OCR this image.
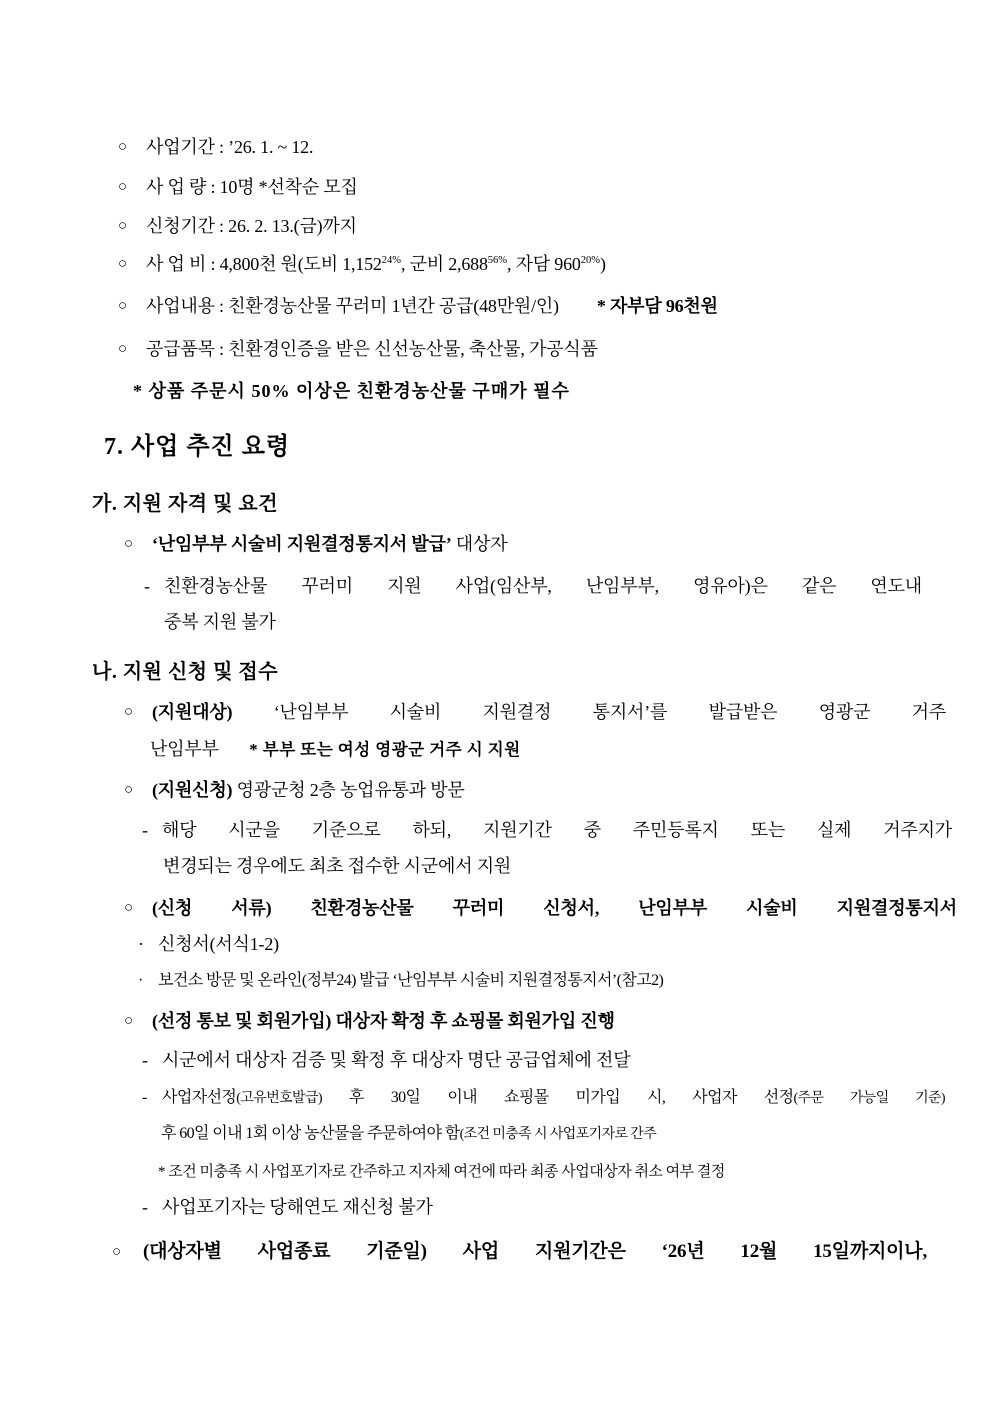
○	사업기간 : ’26. 1. ~ 12.
○	사 업 량 : 10명 *선착순 모집
○	신청기간 : 26. 2. 13.(금)까지
○	사 업 비 : 4,800천 원(도비 $1,152^{24\%}$, 군비 $2,688^{56\%}$, 자담 $960^{20\%}$)
○	사업내용 : 친환경농산물 꾸러미 1년간 공급(48만원/인) * 자부담 96천원
○	공급품목 : 친환경인증을 받은 신선농산물, 축산물, 가공식품
* 상품 주문시 50% 이상은 친환경농산물 구매가 필수
7. 사업 추진 요령
가. 지원 자격 및 요건
○	‘난임부부 시술비 지원결정통지서 발급’ 대상자
- 친환경농산물 꾸러미 지원 사업(임산부, 난임부부, 영유아)은 같은 연도내
중복 지원 불가
나. 지원 신청 및 접수
○	(지원대상) ‘난임부부 시술비 지원결정 통지서’를 발급받은 영광군 거주
난임부부 * 부부 또는 여성 영광군 거주 시 지원
○	(지원신청) 영광군청 2층 농업유통과 방문
- 해당 시군을 기준으로 하되, 지원기간 중 주민등록지 또는 실제 거주지가
변경되는 경우에도 최초 접수한 시군에서 지원
○	(신청 서류) 친환경농산물 꾸러미 신청서, 난임부부 시술비 지원결정통지서
· 신청서(서식1-2)
· 보건소 방문 및 온라인(정부24) 발급 ‘난임부부 시술비 지원결정통지서’(참고2)
○	(선정 통보 및 회원가입) 대상자 확정 후 쇼핑몰 회원가입 진행
- 시군에서 대상자 검증 및 확정 후 대상자 명단 공급업체에 전달
- 사업자선정(고유번호발급) 후 30일 이내 쇼핑몰 미가입 시, 사업자 선정(주문 가능일 기준)
후 60일 이내 1회 이상 농산물을 주문하여야 함(조건 미충족 시 사업포기자로 간주
* 조건 미충족 시 사업포기자로 간주하고 지자체 여건에 따라 최종 사업대상자 취소 여부 결정
- 사업포기자는 당해연도 재신청 불가
○	(대상자별 사업종료 기준일) 사업 지원기간은 ‘26년 12월 15일까지이나,
